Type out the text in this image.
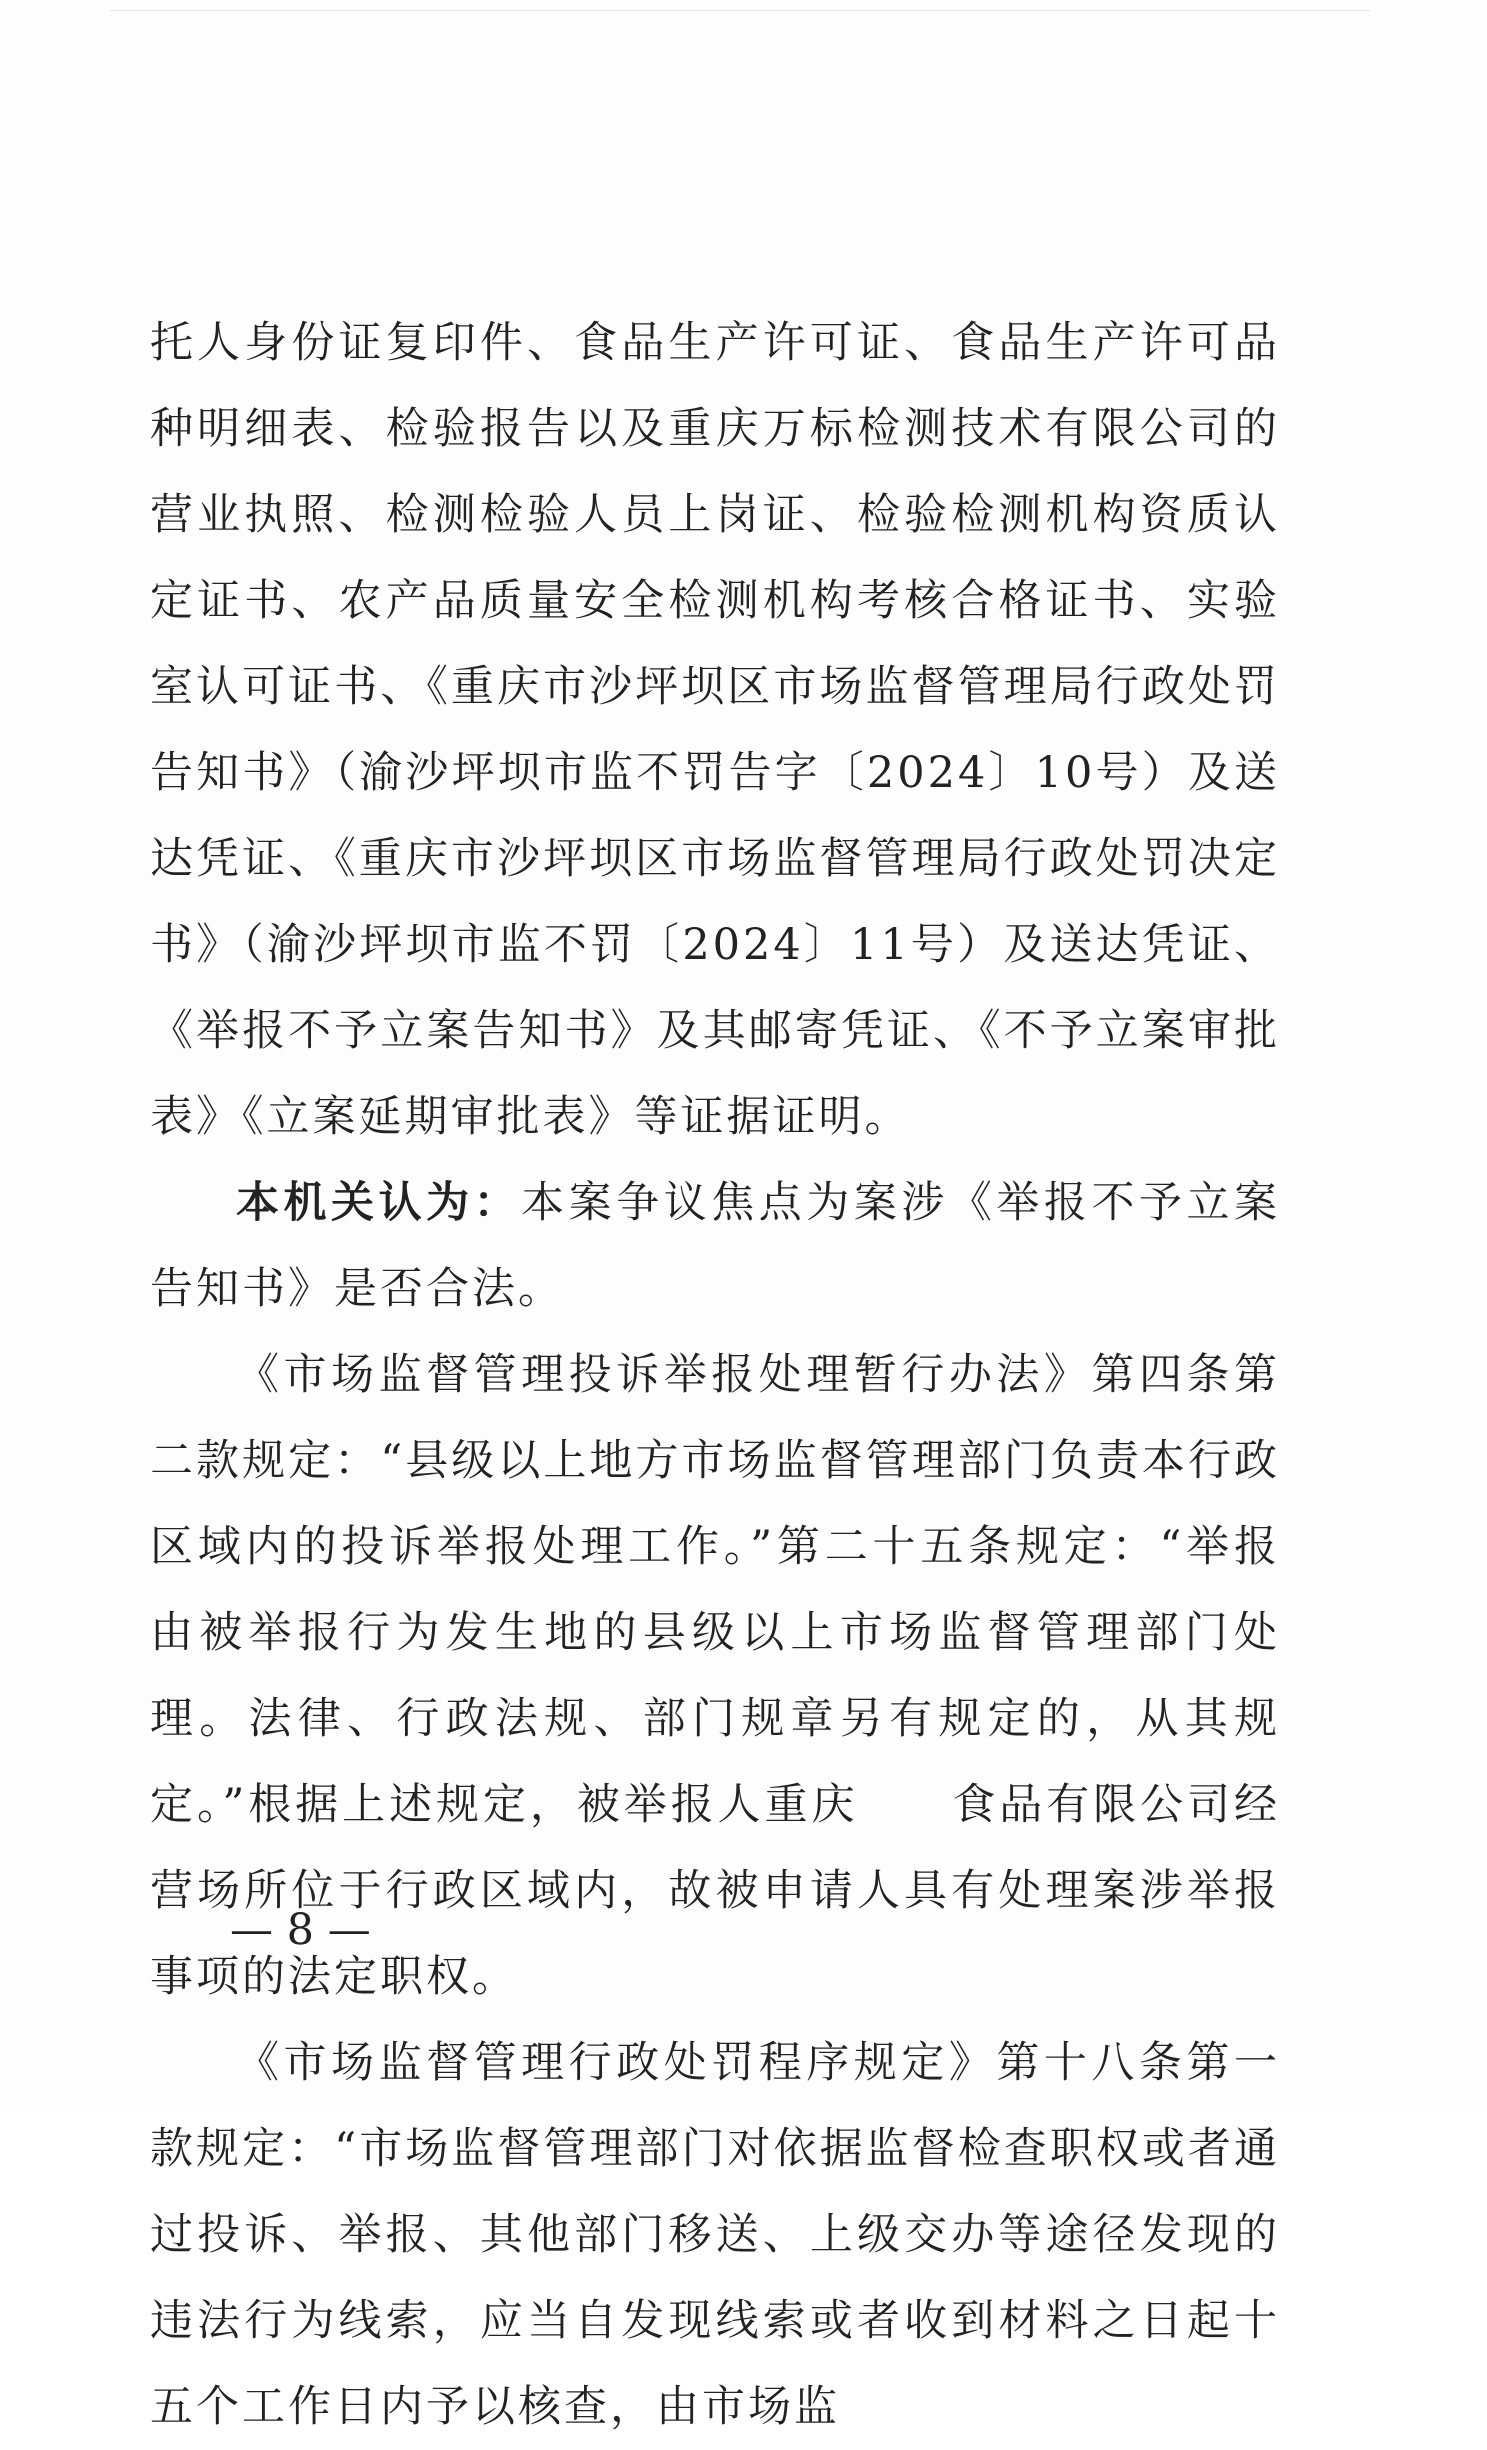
托人身份证复印件、食品生产许可证、食品生产许可品种明细表、检验报告以及重庆万标检测技术有限公司的营业执照、检测检验人员上岗证、检验检测机构资质认定证书、农产品质量安全检测机构考核合格证书、实验室认可证书、《重庆市沙坪坝区市场监督管理局行政处罚告知书》（渝沙坪坝市监不罚告字〔2024〕10号）及送达凭证、《重庆市沙坪坝区市场监督管理局行政处罚决定书》（渝沙坪坝市监不罚〔2024〕11号）及送达凭证、《举报不予立案告知书》及其邮寄凭证、《不予立案审批表》《立案延期审批表》等证据证明。

本机关认为：本案争议焦点为案涉《举报不予立案告知书》是否合法。

《市场监督管理投诉举报处理暂行办法》第四条第二款规定：“县级以上地方市场监督管理部门负责本行政区域内的投诉举报处理工作。”第二十五条规定：“举报由被举报行为发生地的县级以上市场监督管理部门处理。法律、行政法规、部门规章另有规定的，从其规定。”根据上述规定，被举报人重庆　　食品有限公司经营场所位于行政区域内，故被申请人具有处理案涉举报事项的法定职权。

《市场监督管理行政处罚程序规定》第十八条第一款规定：“市场监督管理部门对依据监督检查职权或者通过投诉、举报、其他部门移送、上级交办等途径发现的违法行为线索，应当自发现线索或者收到材料之日起十五个工作日内予以核查，由市场监

— 8 —
